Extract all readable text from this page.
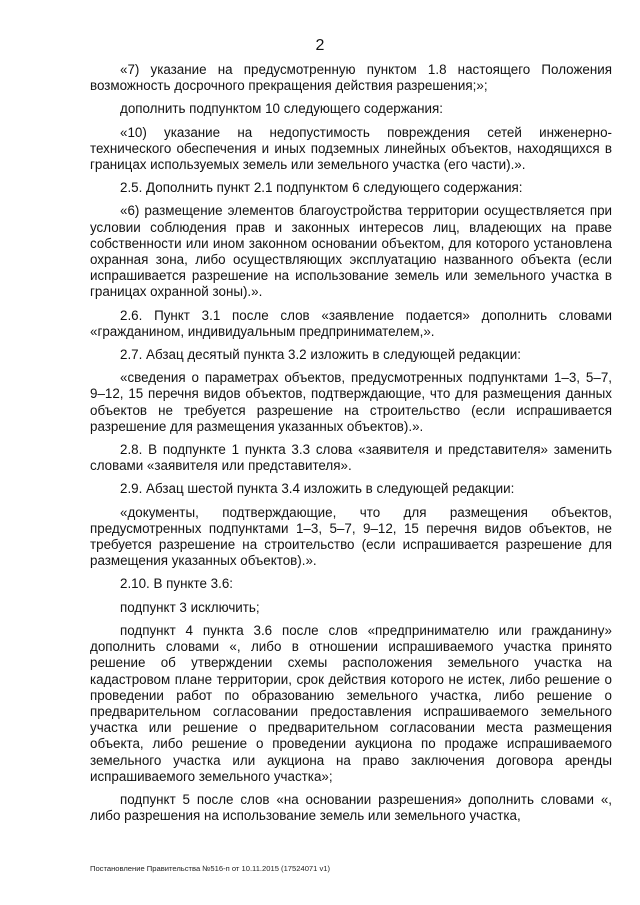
2

«7) указание на предусмотренную пунктом 1.8 настоящего Положения возможность досрочного прекращения действия разрешения;»;

дополнить подпунктом 10 следующего содержания:

«10) указание на недопустимость повреждения сетей инженерно-технического обеспечения и иных подземных линейных объектов, находящихся в границах используемых земель или земельного участка (его части).».

2.5. Дополнить пункт 2.1 подпунктом 6 следующего содержания:

«6) размещение элементов благоустройства территории осуществляется при условии соблюдения прав и законных интересов лиц, владеющих на праве собственности или ином законном основании объектом, для которого установлена охранная зона, либо осуществляющих эксплуатацию названного объекта (если испрашивается разрешение на использование земель или земельного участка в границах охранной зоны).».

2.6. Пункт 3.1 после слов «заявление подается» дополнить словами «гражданином, индивидуальным предпринимателем,».

2.7. Абзац десятый пункта 3.2 изложить в следующей редакции:

«сведения о параметрах объектов, предусмотренных подпунктами 1–3, 5–7, 9–12, 15 перечня видов объектов, подтверждающие, что для размещения данных объектов не требуется разрешение на строительство (если испрашивается разрешение для размещения указанных объектов).».

2.8. В подпункте 1 пункта 3.3 слова «заявителя и представителя» заменить словами «заявителя или представителя».

2.9. Абзац шестой пункта 3.4 изложить в следующей редакции:

«документы, подтверждающие, что для размещения объектов, предусмотренных подпунктами 1–3, 5–7, 9–12, 15 перечня видов объектов, не требуется разрешение на строительство (если испрашивается разрешение для размещения указанных объектов).».

2.10. В пункте 3.6:

подпункт 3 исключить;

подпункт 4 пункта 3.6 после слов «предпринимателю или гражданину» дополнить словами «, либо в отношении испрашиваемого участка принято решение об утверждении схемы расположения земельного участка на кадастровом плане территории, срок действия которого не истек, либо решение о проведении работ по образованию земельного участка, либо решение о предварительном согласовании предоставления испрашиваемого земельного участка или решение о предварительном согласовании места размещения объекта, либо решение о проведении аукциона по продаже испрашиваемого земельного участка или аукциона на право заключения договора аренды испрашиваемого земельного участка»;

подпункт 5 после слов «на основании разрешения» дополнить словами «, либо разрешения на использование земель или земельного участка,

Постановление Правительства №516-п от 10.11.2015 (17524071 v1)
